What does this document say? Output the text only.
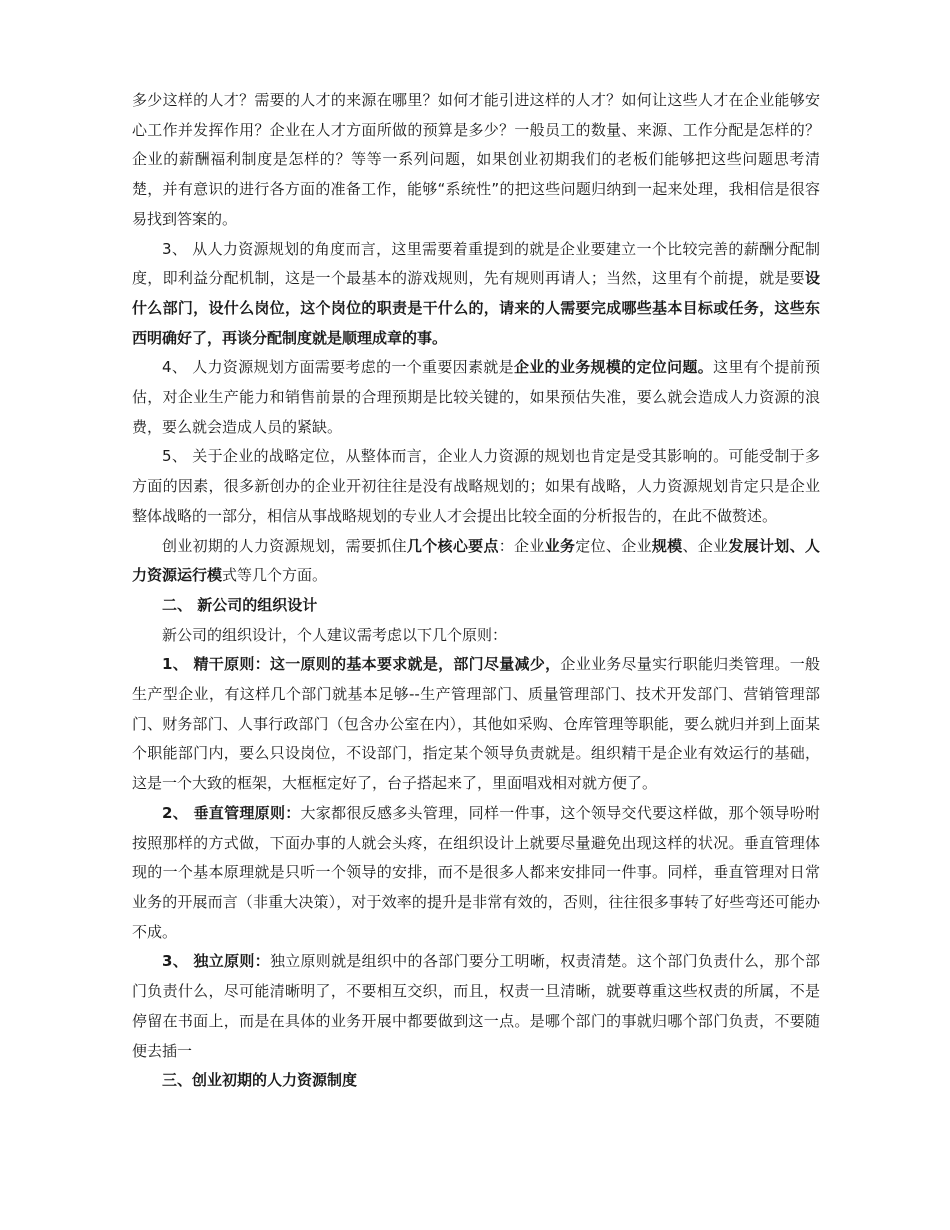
多少这样的人才？需要的人才的来源在哪里？如何才能引进这样的人才？如何让这些人才在企业能够安心工作并发挥作用？企业在人才方面所做的预算是多少？一般员工的数量、来源、工作分配是怎样的？企业的薪酬福利制度是怎样的？等等一系列问题，如果创业初期我们的老板们能够把这些问题思考清楚，并有意识的进行各方面的准备工作，能够“系统性”的把这些问题归纳到一起来处理，我相信是很容易找到答案的。

3、 从人力资源规划的角度而言，这里需要着重提到的就是企业要建立一个比较完善的薪酬分配制度，即利益分配机制，这是一个最基本的游戏规则，先有规则再请人；当然，这里有个前提，就是要设什么部门，设什么岗位，这个岗位的职责是干什么的，请来的人需要完成哪些基本目标或任务，这些东西明确好了，再谈分配制度就是顺理成章的事。

4、 人力资源规划方面需要考虑的一个重要因素就是企业的业务规模的定位问题。这里有个提前预估，对企业生产能力和销售前景的合理预期是比较关键的，如果预估失准，要么就会造成人力资源的浪费，要么就会造成人员的紧缺。

5、 关于企业的战略定位，从整体而言，企业人力资源的规划也肯定是受其影响的。可能受制于多方面的因素，很多新创办的企业开初往往是没有战略规划的；如果有战略，人力资源规划肯定只是企业整体战略的一部分，相信从事战略规划的专业人才会提出比较全面的分析报告的，在此不做赘述。

创业初期的人力资源规划，需要抓住几个核心要点：企业业务定位、企业规模、企业发展计划、人力资源运行模式等几个方面。

二、 新公司的组织设计

新公司的组织设计，个人建议需考虑以下几个原则：

1、 精干原则：这一原则的基本要求就是，部门尽量减少，企业业务尽量实行职能归类管理。一般生产型企业，有这样几个部门就基本足够--生产管理部门、质量管理部门、技术开发部门、营销管理部门、财务部门、人事行政部门（包含办公室在内），其他如采购、仓库管理等职能，要么就归并到上面某个职能部门内，要么只设岗位，不设部门，指定某个领导负责就是。组织精干是企业有效运行的基础，这是一个大致的框架，大框框定好了，台子搭起来了，里面唱戏相对就方便了。

2、 垂直管理原则：大家都很反感多头管理，同样一件事，这个领导交代要这样做，那个领导吩咐按照那样的方式做，下面办事的人就会头疼，在组织设计上就要尽量避免出现这样的状况。垂直管理体现的一个基本原理就是只听一个领导的安排，而不是很多人都来安排同一件事。同样，垂直管理对日常业务的开展而言（非重大决策），对于效率的提升是非常有效的，否则，往往很多事转了好些弯还可能办不成。

3、 独立原则：独立原则就是组织中的各部门要分工明晰，权责清楚。这个部门负责什么，那个部门负责什么，尽可能清晰明了，不要相互交织，而且，权责一旦清晰，就要尊重这些权责的所属，不是停留在书面上，而是在具体的业务开展中都要做到这一点。是哪个部门的事就归哪个部门负责，不要随便去插一

三、创业初期的人力资源制度
